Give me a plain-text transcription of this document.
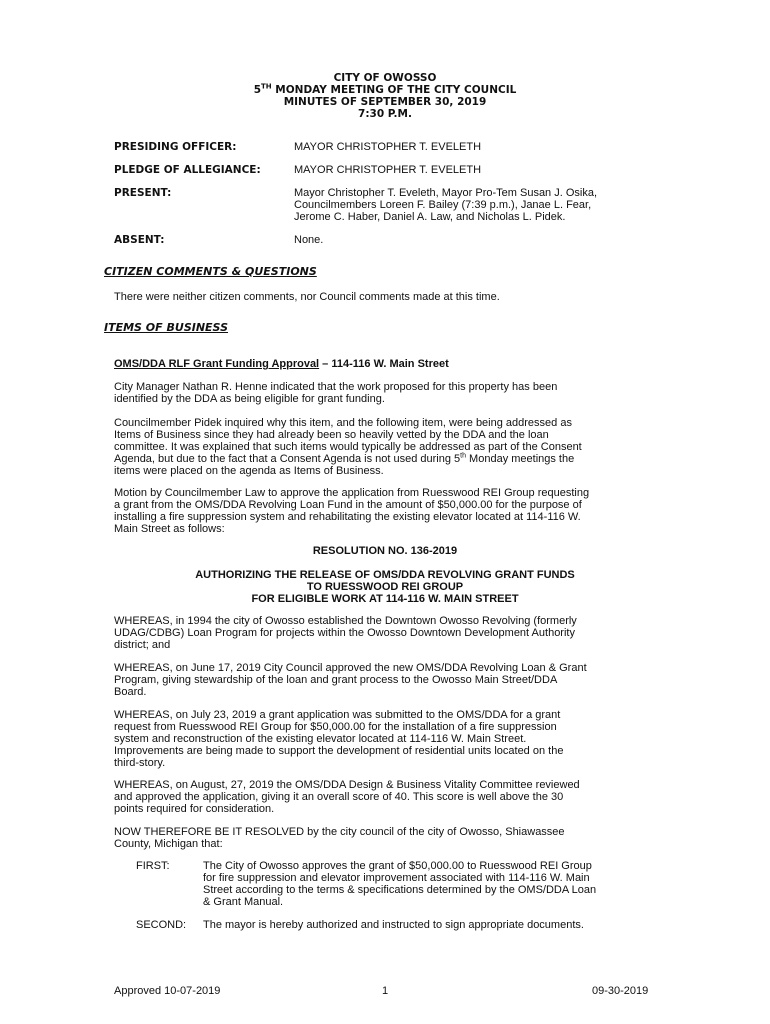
CITY OF OWOSSO
5TH MONDAY MEETING OF THE CITY COUNCIL
MINUTES OF SEPTEMBER 30, 2019
7:30 P.M.
PRESIDING OFFICER:	MAYOR CHRISTOPHER T. EVELETH
PLEDGE OF ALLEGIANCE:	MAYOR CHRISTOPHER T. EVELETH
PRESENT:	Mayor Christopher T. Eveleth, Mayor Pro-Tem Susan J. Osika,
Councilmembers Loreen F. Bailey (7:39 p.m.), Janae L. Fear,
Jerome C. Haber, Daniel A. Law, and Nicholas L. Pidek.
ABSENT:	None.
CITIZEN COMMENTS & QUESTIONS
There were neither citizen comments, nor Council comments made at this time.
ITEMS OF BUSINESS
OMS/DDA RLF Grant Funding Approval – 114-116 W. Main Street
City Manager Nathan R. Henne indicated that the work proposed for this property has been
identified by the DDA as being eligible for grant funding.
Councilmember Pidek inquired why this item, and the following item, were being addressed as
Items of Business since they had already been so heavily vetted by the DDA and the loan
committee. It was explained that such items would typically be addressed as part of the Consent
Agenda, but due to the fact that a Consent Agenda is not used during 5th Monday meetings the
items were placed on the agenda as Items of Business.
Motion by Councilmember Law to approve the application from Ruesswood REI Group requesting
a grant from the OMS/DDA Revolving Loan Fund in the amount of $50,000.00 for the purpose of
installing a fire suppression system and rehabilitating the existing elevator located at 114-116 W.
Main Street as follows:
RESOLUTION NO. 136-2019
AUTHORIZING THE RELEASE OF OMS/DDA REVOLVING GRANT FUNDS
TO RUESSWOOD REI GROUP
FOR ELIGIBLE WORK AT 114-116 W. MAIN STREET
WHEREAS, in 1994 the city of Owosso established the Downtown Owosso Revolving (formerly
UDAG/CDBG) Loan Program for projects within the Owosso Downtown Development Authority
district; and
WHEREAS, on June 17, 2019 City Council approved the new OMS/DDA Revolving Loan & Grant
Program, giving stewardship of the loan and grant process to the Owosso Main Street/DDA
Board.
WHEREAS, on July 23, 2019 a grant application was submitted to the OMS/DDA for a grant
request from Ruesswood REI Group for $50,000.00 for the installation of a fire suppression
system and reconstruction of the existing elevator located at 114-116 W. Main Street.
Improvements are being made to support the development of residential units located on the
third-story.
WHEREAS, on August, 27, 2019 the OMS/DDA Design & Business Vitality Committee reviewed
and approved the application, giving it an overall score of 40. This score is well above the 30
points required for consideration.
NOW THEREFORE BE IT RESOLVED by the city council of the city of Owosso, Shiawassee
County, Michigan that:
FIRST:	The City of Owosso approves the grant of $50,000.00 to Ruesswood REI Group
for fire suppression and elevator improvement associated with 114-116 W. Main
Street according to the terms & specifications determined by the OMS/DDA Loan
& Grant Manual.
SECOND:	The mayor is hereby authorized and instructed to sign appropriate documents.
Approved 10-07-2019	1	09-30-2019
